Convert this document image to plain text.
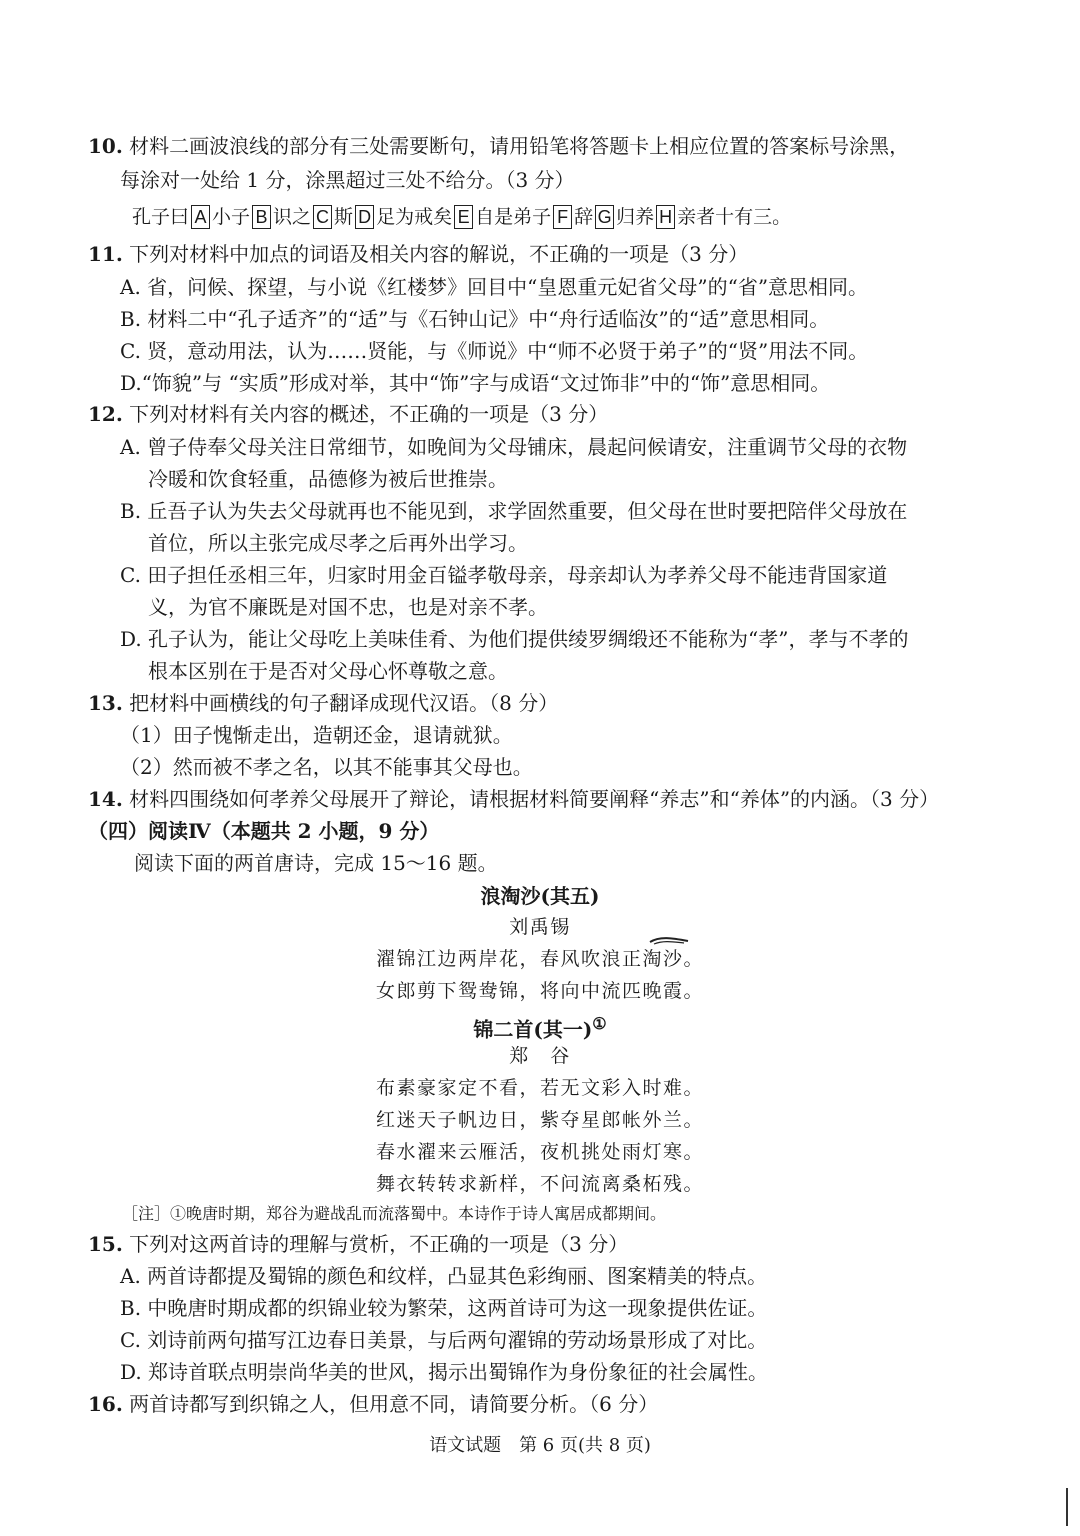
10. 材料二画波浪线的部分有三处需要断句，请用铅笔将答题卡上相应位置的答案标号涂黑，
每涂对一处给 1 分，涂黑超过三处不给分。（3 分）
孔子曰 A 小子 B 识之 C 斯 D 足为戒矣 E 自是弟子 F 辞 G 归养 H 亲者十有三。
11. 下列对材料中加点的词语及相关内容的解说，不正确的一项是（3 分）
A. 省，问候、探望，与小说《红楼梦》回目中“皇恩重元妃省父母”的“省”意思相同。
B. 材料二中“孔子适齐”的“适”与《石钟山记》中“舟行适临汝”的“适”意思相同。
C. 贤，意动用法，认为……贤能，与《师说》中“师不必贤于弟子”的“贤”用法不同。
D.“饰貌”与 “实质”形成对举，其中“饰”字与成语“文过饰非”中的“饰”意思相同。
12. 下列对材料有关内容的概述，不正确的一项是（3 分）
A. 曾子侍奉父母关注日常细节，如晚间为父母铺床，晨起问候请安，注重调节父母的衣物
冷暖和饮食轻重，品德修为被后世推崇。
B. 丘吾子认为失去父母就再也不能见到，求学固然重要，但父母在世时要把陪伴父母放在
首位，所以主张完成尽孝之后再外出学习。
C. 田子担任丞相三年，归家时用金百镒孝敬母亲，母亲却认为孝养父母不能违背国家道
义，为官不廉既是对国不忠，也是对亲不孝。
D. 孔子认为，能让父母吃上美味佳肴、为他们提供绫罗绸缎还不能称为“孝”，孝与不孝的
根本区别在于是否对父母心怀尊敬之意。
13. 把材料中画横线的句子翻译成现代汉语。（8 分）
（1）田子愧惭走出，造朝还金，退请就狱。
（2）然而被不孝之名，以其不能事其父母也。
14. 材料四围绕如何孝养父母展开了辩论，请根据材料简要阐释“养志”和“养体”的内涵。（3 分）
（四）阅读Ⅳ（本题共 2 小题，9 分）
阅读下面的两首唐诗，完成 15～16 题。
浪淘沙(其五)
刘禹锡
濯锦江边两岸花，春风吹浪正淘沙。
女郎剪下鸳鸯锦，将向中流匹晚霞。
锦二首(其一)①
郑　谷
布素豪家定不看，若无文彩入时难。
红迷天子帆边日，紫夺星郎帐外兰。
春水濯来云雁活，夜机挑处雨灯寒。
舞衣转转求新样，不问流离桑柘残。
［注］①晚唐时期，郑谷为避战乱而流落蜀中。本诗作于诗人寓居成都期间。
15. 下列对这两首诗的理解与赏析，不正确的一项是（3 分）
A. 两首诗都提及蜀锦的颜色和纹样，凸显其色彩绚丽、图案精美的特点。
B. 中晚唐时期成都的织锦业较为繁荣，这两首诗可为这一现象提供佐证。
C. 刘诗前两句描写江边春日美景，与后两句濯锦的劳动场景形成了对比。
D. 郑诗首联点明崇尚华美的世风，揭示出蜀锦作为身份象征的社会属性。
16. 两首诗都写到织锦之人，但用意不同，请简要分析。（6 分）
语文试题　第 6 页(共 8 页)
